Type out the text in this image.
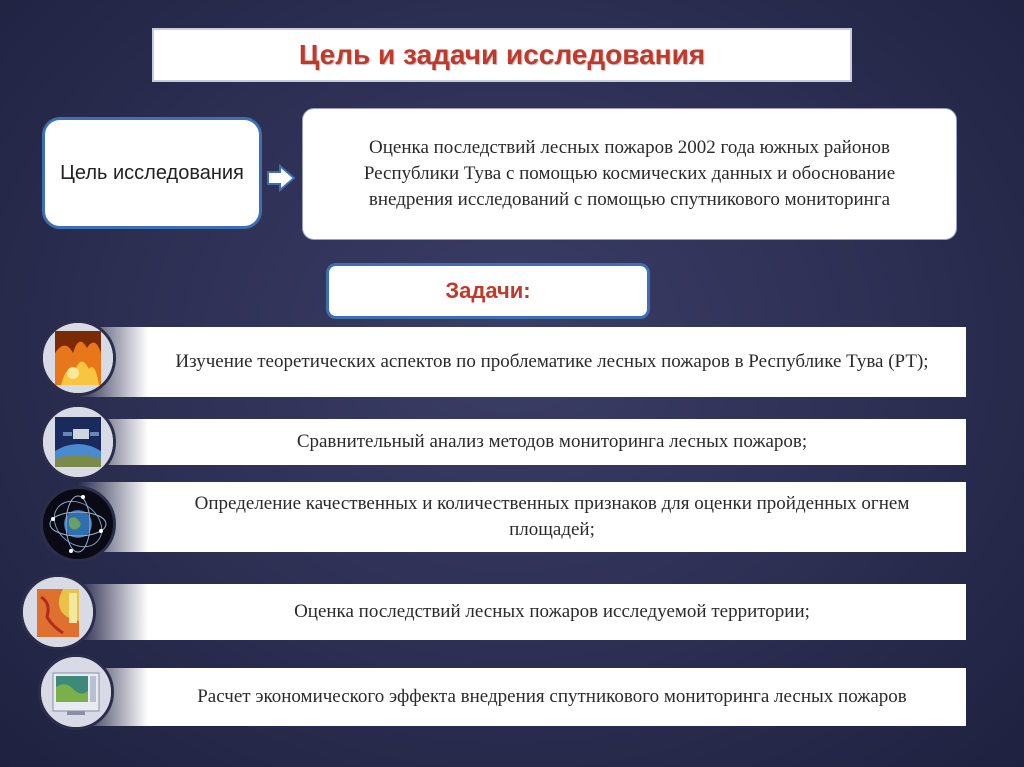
Цель и задачи исследования
Цель исследования
Оценка последствий лесных пожаров 2002 года южных районов Республики Тува с помощью космических данных и обоснование внедрения исследований с помощью спутникового мониторинга
Задачи:
Изучение теоретических аспектов по проблематике лесных пожаров в Республике Тува (РТ);
Сравнительный анализ методов мониторинга лесных пожаров;
Определение качественных и количественных признаков для оценки пройденных огнем площадей;
Оценка последствий лесных пожаров исследуемой территории;
Расчет экономического эффекта внедрения спутникового мониторинга лесных пожаров
